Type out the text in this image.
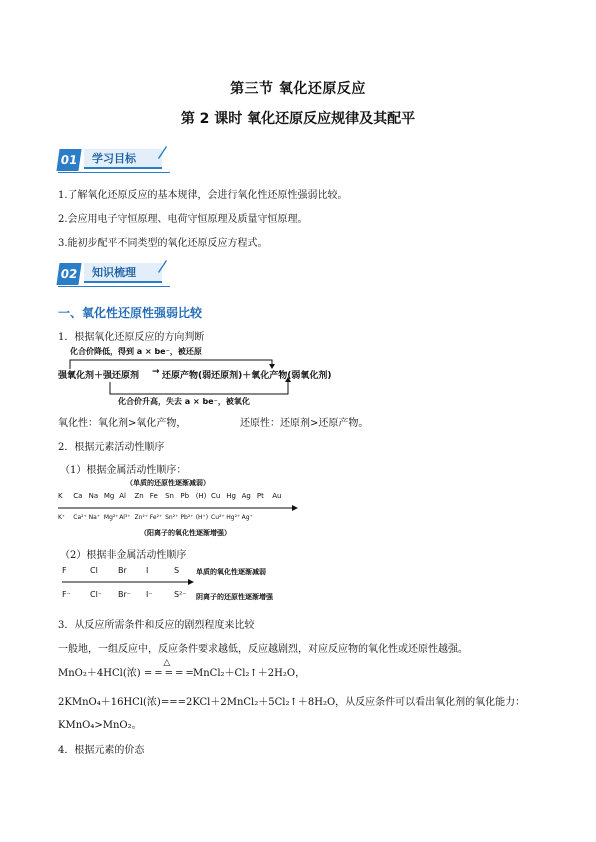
第三节 氧化还原反应
第 2 课时 氧化还原反应规律及其配平
01	学习目标
1.了解氧化还原反应的基本规律，会进行氧化性还原性强弱比较。
2.会应用电子守恒原理、电荷守恒原理及质量守恒原理。
3.能初步配平不同类型的氧化还原反应方程式。
02	知识梳理
一、氧化性还原性强弱比较
1．根据氧化还原反应的方向判断
化合价降低，得到 a × be⁻，被还原
强氧化剂＋强还原剂 → 还原产物(弱还原剂)＋氧化产物(弱氧化剂)
化合价升高，失去 a × be⁻，被氧化
氧化性：氧化剂>氧化产物，	还原性：还原剂>还原产物。
2．根据元素活动性顺序
（1）根据金属活动性顺序：
（单质的还原性逐渐减弱）
K Ca Na Mg Al Zn Fe Sn Pb (H) Cu Hg Ag Pt Au
K⁺ Ca²⁺ Na⁺ Mg²⁺ Al³⁺ Zn²⁺ Fe²⁺ Sn²⁺ Pb²⁺ (H⁺) Cu²⁺ Hg²⁺ Ag⁺
（阳离子的氧化性逐渐增强）
（2）根据非金属活动性顺序
F	Cl	Br I	S 单质的氧化性逐渐减弱
F⁻ Cl⁻ Br⁻ I⁻	S²⁻ 阴离子的还原性逐渐增强
3．从反应所需条件和反应的剧烈程度来比较
一般地，一组反应中，反应条件要求越低，反应越剧烈，对应反应物的氧化性或还原性越强。
MnO₂＋4HCl(浓)
△
===== MnCl₂＋Cl₂↑＋2H₂O，
2KMnO₄＋16HCl(浓)===2KCl＋2MnCl₂＋5Cl₂↑＋8H₂O，从反应条件可以看出氧化剂的氧化能力：
KMnO₄>MnO₂。
4．根据元素的价态
